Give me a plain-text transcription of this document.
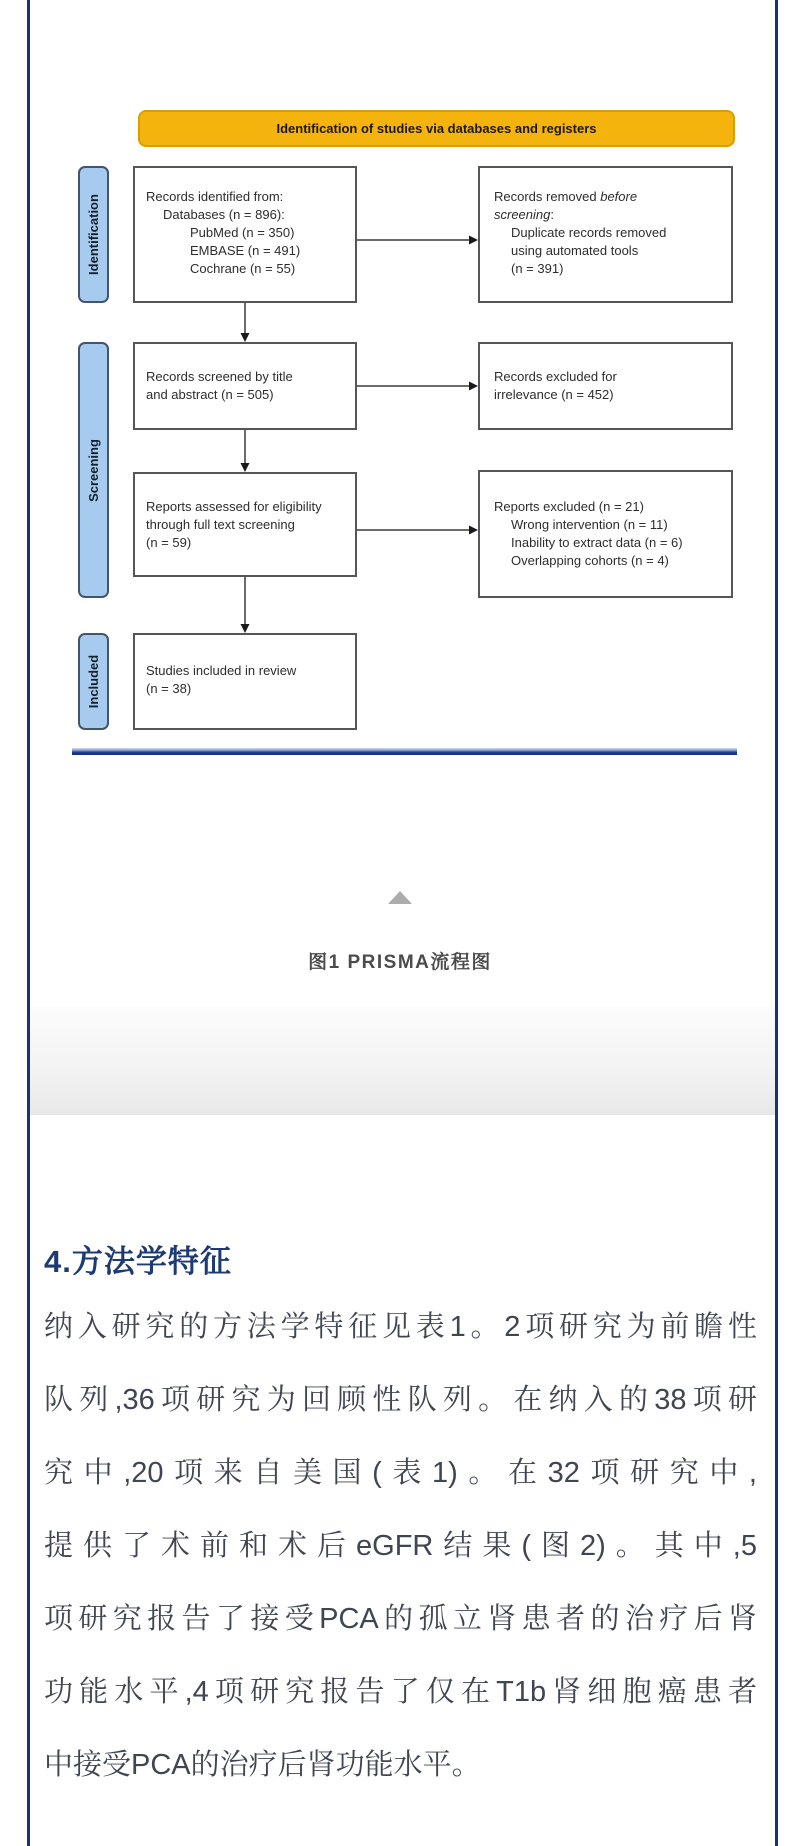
Identification of studies via databases and registers
Identification
Screening
Included
Records identified from:
Databases (n = 896):
PubMed (n = 350)
EMBASE (n = 491)
Cochrane (n = 55)
Records removed before
screening:
Duplicate records removed
using automated tools
(n = 391)
Records screened by title
and abstract (n = 505)
Records excluded for
irrelevance (n = 452)
Reports assessed for eligibility
through full text screening
(n = 59)
Reports excluded (n = 21)
Wrong intervention (n = 11)
Inability to extract data (n = 6)
Overlapping cohorts (n = 4)
Studies included in review
(n = 38)
图1 PRISMA流程图
4.方法学特征
纳入研究的方法学特征见表1。2项研究为前瞻性
队列,36项研究为回顾性队列。在纳入的38项研
究中,20项来自美国(表1)。在32项研究中,
提供了术前和术后eGFR结果(图2)。其中,5
项研究报告了接受PCA的孤立肾患者的治疗后肾
功能水平,4项研究报告了仅在T1b肾细胞癌患者
中接受PCA的治疗后肾功能水平。
